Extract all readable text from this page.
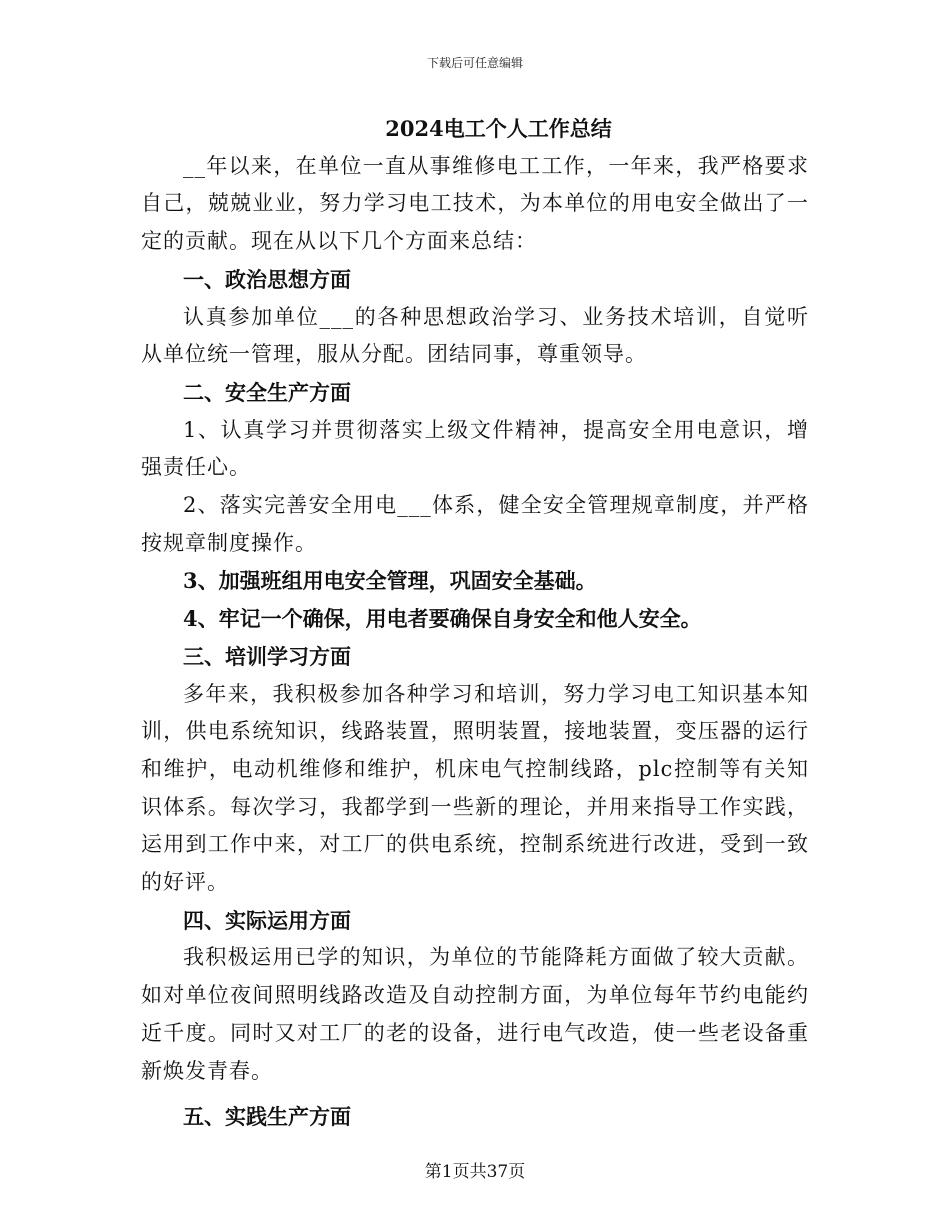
下载后可任意编辑

2024电工个人工作总结

__年以来，在单位一直从事维修电工工作，一年来，我严格要求自己，兢兢业业，努力学习电工技术，为本单位的用电安全做出了一定的贡献。现在从以下几个方面来总结：

一、政治思想方面

认真参加单位___的各种思想政治学习、业务技术培训，自觉听从单位统一管理，服从分配。团结同事，尊重领导。

二、安全生产方面

1、认真学习并贯彻落实上级文件精神，提高安全用电意识，增强责任心。

2、落实完善安全用电___体系，健全安全管理规章制度，并严格按规章制度操作。

3、加强班组用电安全管理，巩固安全基础。

4、牢记一个确保，用电者要确保自身安全和他人安全。

三、培训学习方面

多年来，我积极参加各种学习和培训，努力学习电工知识基本知训，供电系统知识，线路装置，照明装置，接地装置，变压器的运行和维护，电动机维修和维护，机床电气控制线路，plc控制等有关知识体系。每次学习，我都学到一些新的理论，并用来指导工作实践，运用到工作中来，对工厂的供电系统，控制系统进行改进，受到一致的好评。

四、实际运用方面

我积极运用已学的知识，为单位的节能降耗方面做了较大贡献。如对单位夜间照明线路改造及自动控制方面，为单位每年节约电能约近千度。同时又对工厂的老的设备，进行电气改造，使一些老设备重新焕发青春。

五、实践生产方面

第1页共37页
